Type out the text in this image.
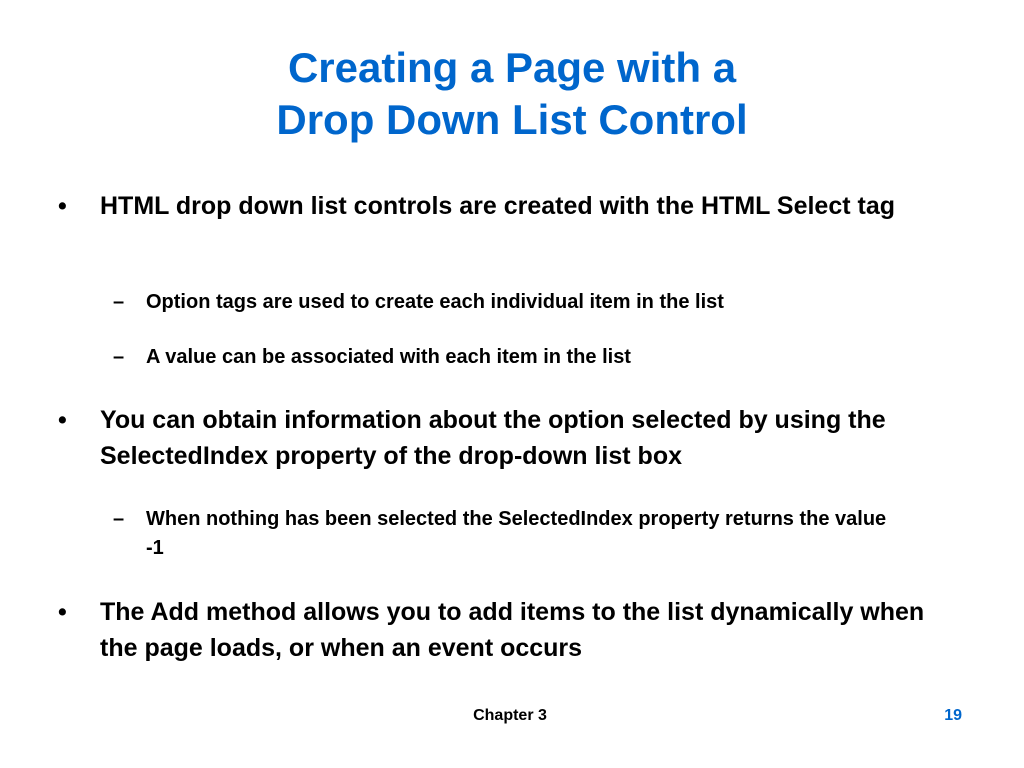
Creating a Page with a
Drop Down List Control
• HTML drop down list controls are created with the HTML Select tag
– Option tags are used to create each individual item in the list
– A value can be associated with each item in the list
• You can obtain information about the option selected by using the SelectedIndex property of the drop-down list box
– When nothing has been selected the SelectedIndex property returns the value -1
• The Add method allows you to add items to the list dynamically when the page loads, or when an event occurs
Chapter 3	19
